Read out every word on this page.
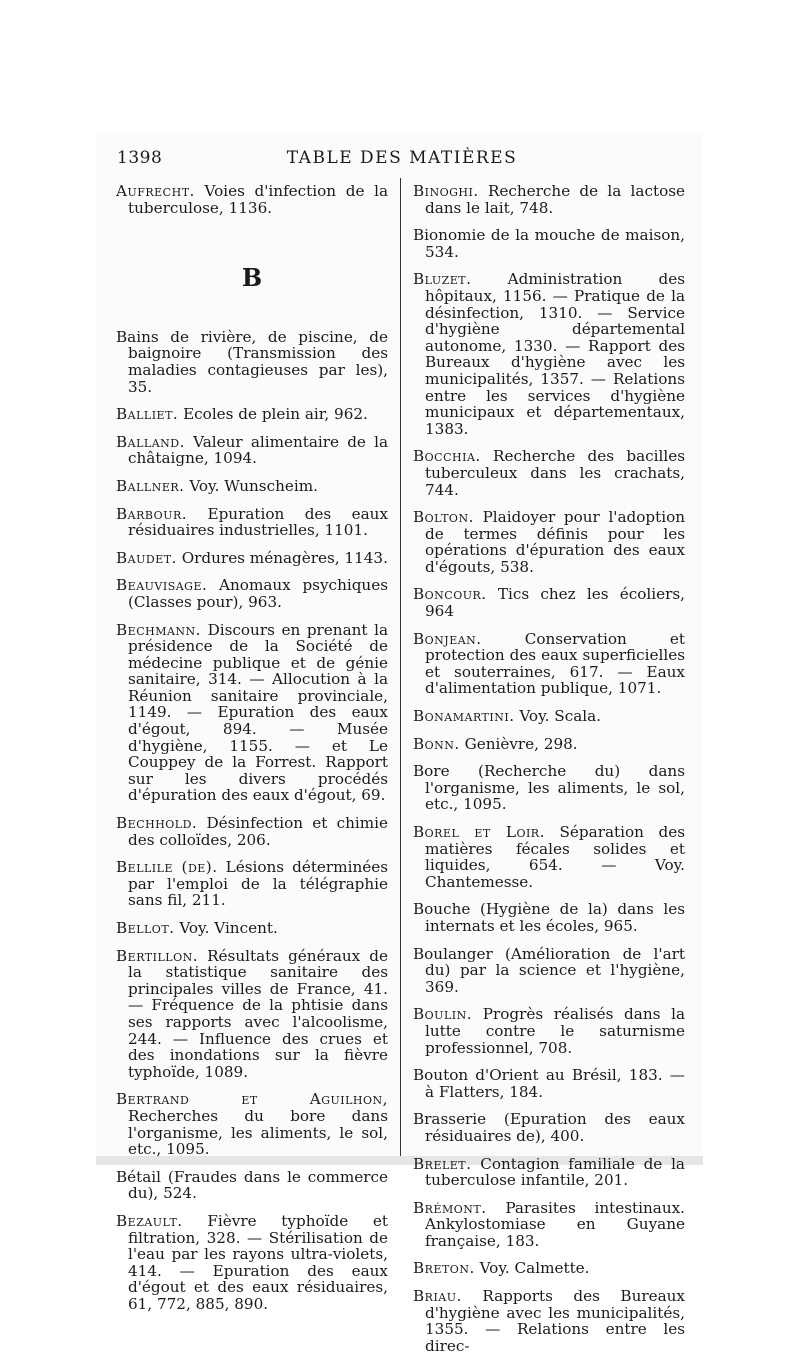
1398	TABLE DES MATIÈRES

Aufrecht. Voies d'infection de la tuberculose, 1136.

B

Bains de rivière, de piscine, de baignoire (Transmission des maladies contagieuses par les), 35.

Balliet. Ecoles de plein air, 962.

Balland. Valeur alimentaire de la châtaigne, 1094.

Ballner. Voy. Wunscheim.

Barbour. Epuration des eaux résiduaires industrielles, 1101.

Baudet. Ordures ménagères, 1143.

Beauvisage. Anomaux psychiques (Classes pour), 963.

Bechmann. Discours en prenant la présidence de la Société de médecine publique et de génie sanitaire, 314. — Allocution à la Réunion sanitaire provinciale, 1149. — Epuration des eaux d'égout, 894. — Musée d'hygiène, 1155. — et Le Couppey de la Forrest. Rapport sur les divers procédés d'épuration des eaux d'égout, 69.

Bechhold. Désinfection et chimie des colloïdes, 206.

Bellile (de). Lésions déterminées par l'emploi de la télégraphie sans fil, 211.

Bellot. Voy. Vincent.

Bertillon. Résultats généraux de la statistique sanitaire des principales villes de France, 41. — Fréquence de la phtisie dans ses rapports avec l'alcoolisme, 244. — Influence des crues et des inondations sur la fièvre typhoïde, 1089.

Bertrand et Aguilhon, Recherches du bore dans l'organisme, les aliments, le sol, etc., 1095.

Bétail (Fraudes dans le commerce du), 524.

Bezault. Fièvre typhoïde et filtration, 328. — Stérilisation de l'eau par les rayons ultra-violets, 414. — Epuration des eaux d'égout et des eaux résiduaires, 61, 772, 885, 890.

Binoghi. Recherche de la lactose dans le lait, 748.

Bionomie de la mouche de maison, 534.

Bluzet. Administration des hôpitaux, 1156. — Pratique de la désinfection, 1310. — Service d'hygiène départemental autonome, 1330. — Rapport des Bureaux d'hygiène avec les municipalités, 1357. — Relations entre les services d'hygiène municipaux et départementaux, 1383.

Bocchia. Recherche des bacilles tuberculeux dans les crachats, 744.

Bolton. Plaidoyer pour l'adoption de termes définis pour les opérations d'épuration des eaux d'égouts, 538.

Boncour. Tics chez les écoliers, 964

Bonjean.	Conservation et protection des eaux superficielles et souterraines, 617. — Eaux d'alimentation publique, 1071.

Bonamartini. Voy. Scala.

Bonn. Genièvre, 298.

Bore (Recherche du) dans l'organisme, les aliments, le sol, etc., 1095.

Borel et Loir. Séparation des matières fécales solides et liquides, 654. — Voy. Chantemesse.

Bouche (Hygiène de la) dans les internats et les écoles, 965.

Boulanger (Amélioration de l'art du) par la science et l'hygiène, 369.

Boulin. Progrès réalisés dans la lutte contre le saturnisme professionnel, 708.

Bouton d'Orient au Brésil, 183. — à Flatters, 184.

Brasserie (Epuration des eaux résiduaires de), 400.

Brelet. Contagion familiale de la tuberculose infantile, 201.

Brémont. Parasites intestinaux. Ankylostomiase en Guyane française, 183.

Breton. Voy. Calmette.

Briau. Rapports des Bureaux d'hygiène avec les municipalités, 1355. — Relations entre les direc-
